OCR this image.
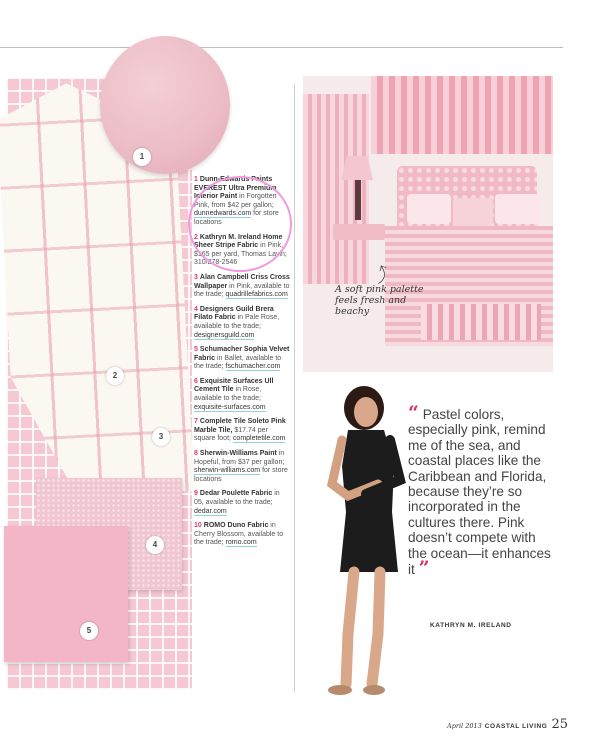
1
2
3
4
5
1 Dunn-Edwards Paints EVEREST Ultra Premium Interior Paint in Forgotten Pink, from $42 per gallon; dunnedwards.com for store locations
2 Kathryn M. Ireland Home Sheer Stripe Fabric in Pink, $165 per yard, Thomas Lavin; 310/278-2546
3 Alan Campbell Criss Cross Wallpaper in Pink, available to the trade; quadrillefabrics.com
4 Designers Guild Brera Filato Fabric in Pale Rose, available to the trade; designersguild.com
5 Schumacher Sophia Velvet Fabric in Ballet, available to the trade; fschumacher.com
6 Exquisite Surfaces Ull Cement Tile in Rose, available to the trade; exquisite-surfaces.com
7 Complete Tile Soleto Pink Marble Tile, $17.74 per square foot; completetile.com
8 Sherwin-Williams Paint in Hopeful, from $37 per gallon; sherwin-williams.com for store locations
9 Dedar Poulette Fabric in 05, available to the trade; dedar.com
10 ROMO Duno Fabric in Cherry Blossom, available to the trade; romo.com
⤴
A soft pink palette feels fresh and beachy
“ Pastel colors, especially pink, remind me of the sea, and coastal places like the Caribbean and Florida, because they’re so incorporated in the cultures there. Pink doesn’t compete with the ocean—it enhances it ”
KATHRYN M. IRELAND
April 2013 COASTAL LIVING 25
